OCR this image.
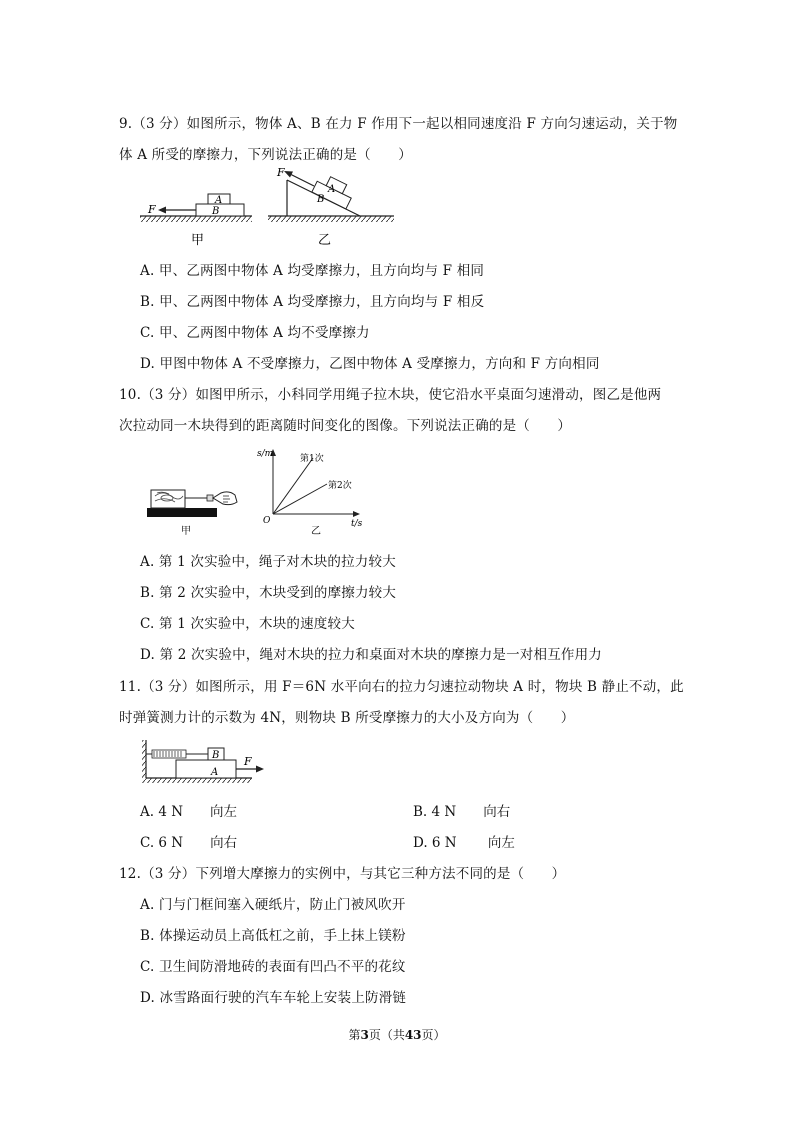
9.（3 分）如图所示，物体 A、B 在力 F 作用下一起以相同速度沿 F 方向匀速运动，关于物
体 A 所受的摩擦力，下列说法正确的是（　　）
F
A
B
甲
F
A
B
乙
A. 甲、乙两图中物体 A 均受摩擦力，且方向均与 F 相同
B. 甲、乙两图中物体 A 均受摩擦力，且方向均与 F 相反
C. 甲、乙两图中物体 A 均不受摩擦力
D. 甲图中物体 A 不受摩擦力，乙图中物体 A 受摩擦力，方向和 F 方向相同
10.（3 分）如图甲所示，小科同学用绳子拉木块，使它沿水平桌面匀速滑动，图乙是他两
次拉动同一木块得到的距离随时间变化的图像。下列说法正确的是（　　）
甲
s/m
t/s
O
第1次
第2次
乙
A. 第 1 次实验中，绳子对木块的拉力较大
B. 第 2 次实验中，木块受到的摩擦力较大
C. 第 1 次实验中，木块的速度较大
D. 第 2 次实验中，绳对木块的拉力和桌面对木块的摩擦力是一对相互作用力
11.（3 分）如图所示，用 F＝6N 水平向右的拉力匀速拉动物块 A 时，物块 B 静止不动，此
时弹簧测力计的示数为 4N，则物块 B 所受摩擦力的大小及方向为（　　）
B
A
F
A. 4 N　　向左	B. 4 N　　向右
C. 6 N　　向右	D. 6 N　　 向左
12.（3 分）下列增大摩擦力的实例中，与其它三种方法不同的是（　　）
A. 门与门框间塞入硬纸片，防止门被风吹开
B. 体操运动员上高低杠之前，手上抹上镁粉
C. 卫生间防滑地砖的表面有凹凸不平的花纹
D. 冰雪路面行驶的汽车车轮上安装上防滑链
第3页（共43页）
